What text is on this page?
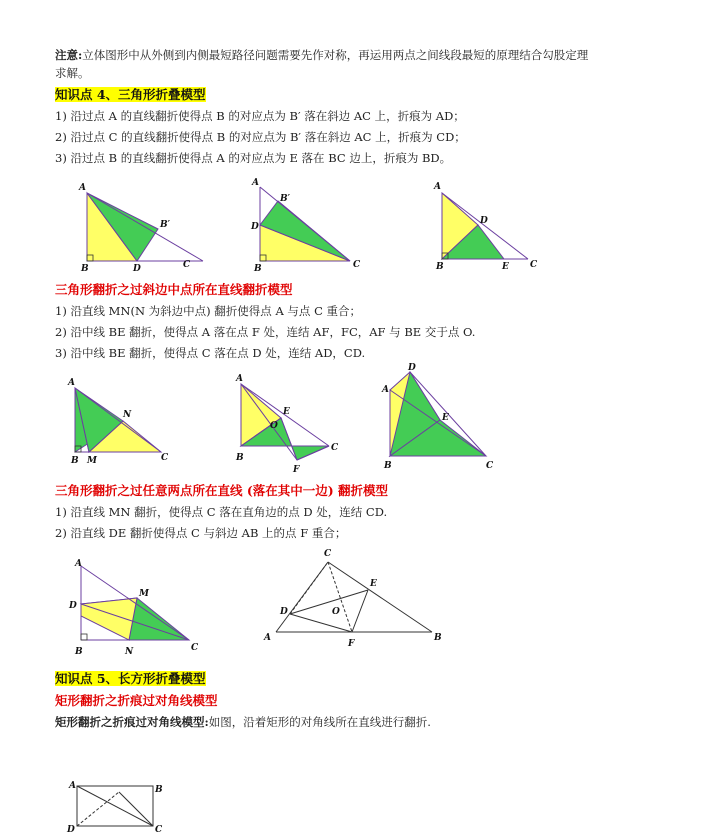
注意:立体图形中从外侧到内侧最短路径问题需要先作对称，再运用两点之间线段最短的原理结合勾股定理

求解。

知识点 4、三角形折叠模型

1) 沿过点 A 的直线翻折使得点 B 的对应点为 B′ 落在斜边 AC 上，折痕为 AD；

2) 沿过点 C 的直线翻折使得点 B 的对应点为 B′ 落在斜边 AC 上，折痕为 CD；

3) 沿过点 B 的直线翻折使得点 A 的对应点为 E 落在 BC 边上，折痕为 BD。

A
B′
B	D	C
A
B′
D
B	C
A
D
B	E C

三角形翻折之过斜边中点所在直线翻折模型

1) 沿直线 MN(N 为斜边中点) 翻折使得点 A 与点 C 重合；

2) 沿中线 BE 翻折，使得点 A 落在点 F 处，连结 AF，FC，AF 与 BE 交于点 O.

3) 沿中线 BE 翻折，使得点 C 落在点 D 处，连结 AD，CD.

A
N
B M	C
A
E
O
B
C
F
D
A
E
B	C

三角形翻折之过任意两点所在直线 (落在其中一边) 翻折模型

1) 沿直线 MN 翻折，使得点 C 落在直角边的点 D 处，连结 CD.

2) 沿直线 DE 翻折使得点 C 与斜边 AB 上的点 F 重合；

A
M
D
B	N	C
C
E
D	O
A
F
B

知识点 5、长方形折叠模型

矩形翻折之折痕过对角线模型

矩形翻折之折痕过对角线模型:如图，沿着矩形的对角线所在直线进行翻折.

A	B
D	C
